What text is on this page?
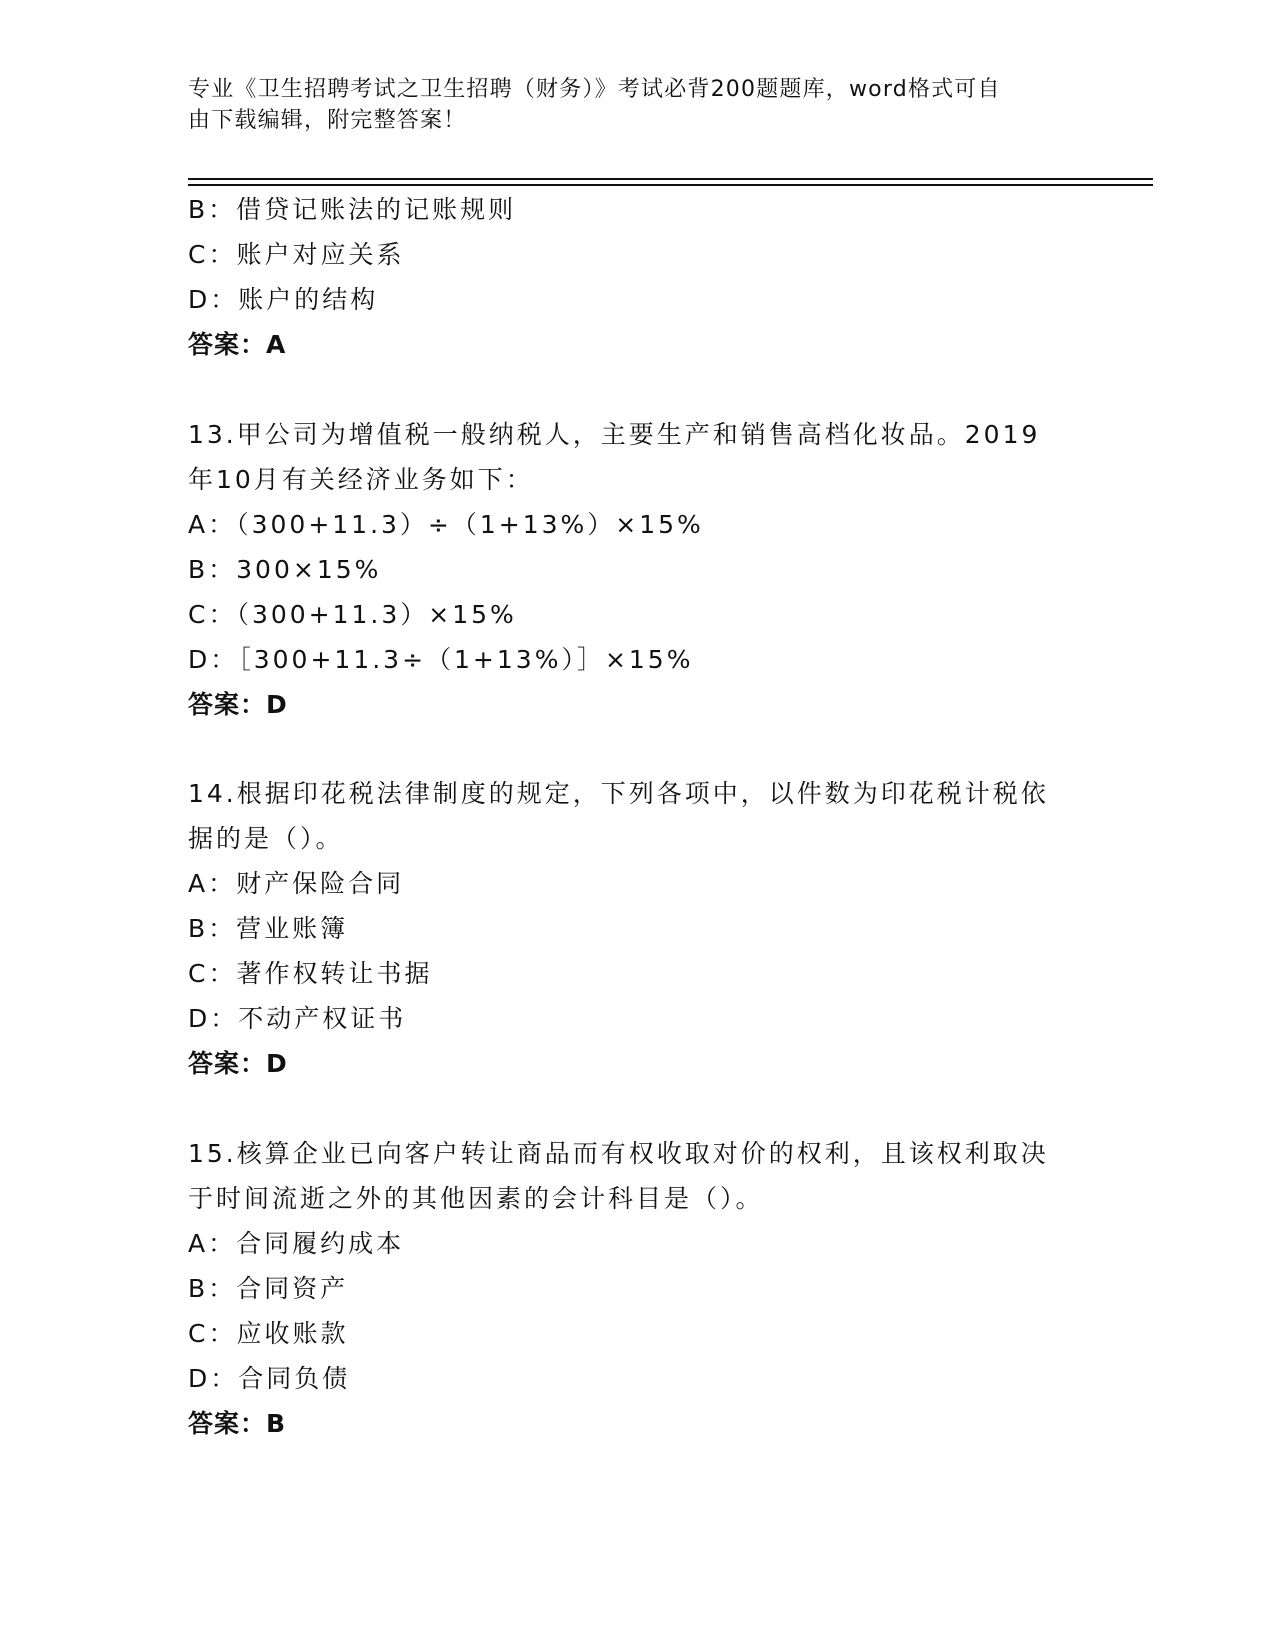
专业《卫生招聘考试之卫生招聘（财务）》考试必背200题题库，word格式可自
由下载编辑，附完整答案！
B：借贷记账法的记账规则
C：账户对应关系
D：账户的结构
答案：A
13.甲公司为增值税一般纳税人，主要生产和销售高档化妆品。2019
年10月有关经济业务如下：
A：（300+11.3）÷（1+13%）×15%
B：300×15%
C：（300+11.3）×15%
D：［300+11.3÷（1+13%）］×15%
答案：D
14.根据印花税法律制度的规定，下列各项中，以件数为印花税计税依
据的是（）。
A：财产保险合同
B：营业账簿
C：著作权转让书据
D：不动产权证书
答案：D
15.核算企业已向客户转让商品而有权收取对价的权利，且该权利取决
于时间流逝之外的其他因素的会计科目是（）。
A：合同履约成本
B：合同资产
C：应收账款
D：合同负债
答案：B
